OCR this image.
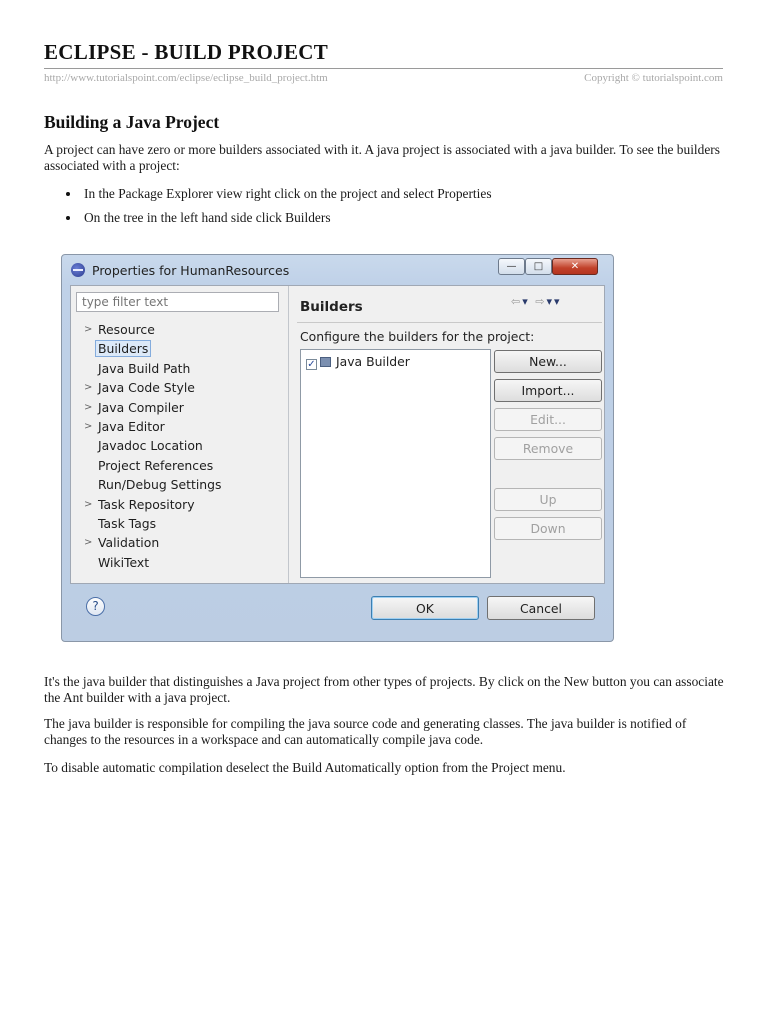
ECLIPSE - BUILD PROJECT
http://www.tutorialspoint.com/eclipse/eclipse_build_project.htm	Copyright © tutorialspoint.com
Building a Java Project

A project can have zero or more builders associated with it. A java project is associated with a java builder. To see the builders associated with a project:

In the Package Explorer view right click on the project and select Properties
On the tree in the left hand side click Builders
Properties for HumanResources	—	□	✕
type filter text
> Resource
Builders
Java Build Path
> Java Code Style
> Java Compiler
> Java Editor
Javadoc Location
Project References
Run/Debug Settings
> Task Repository
Task Tags
> Validation
WikiText
Builders	⇦▾ ⇨▾▾
Configure the builders for the project:
✓ Java Builder	New...
Import...
Edit...
Remove
Up
Down
?	OK	Cancel

It's the java builder that distinguishes a Java project from other types of projects. By click on the New button you can associate the Ant builder with a java project.

The java builder is responsible for compiling the java source code and generating classes. The java builder is notified of changes to the resources in a workspace and can automatically compile java code.

To disable automatic compilation deselect the Build Automatically option from the Project menu.
